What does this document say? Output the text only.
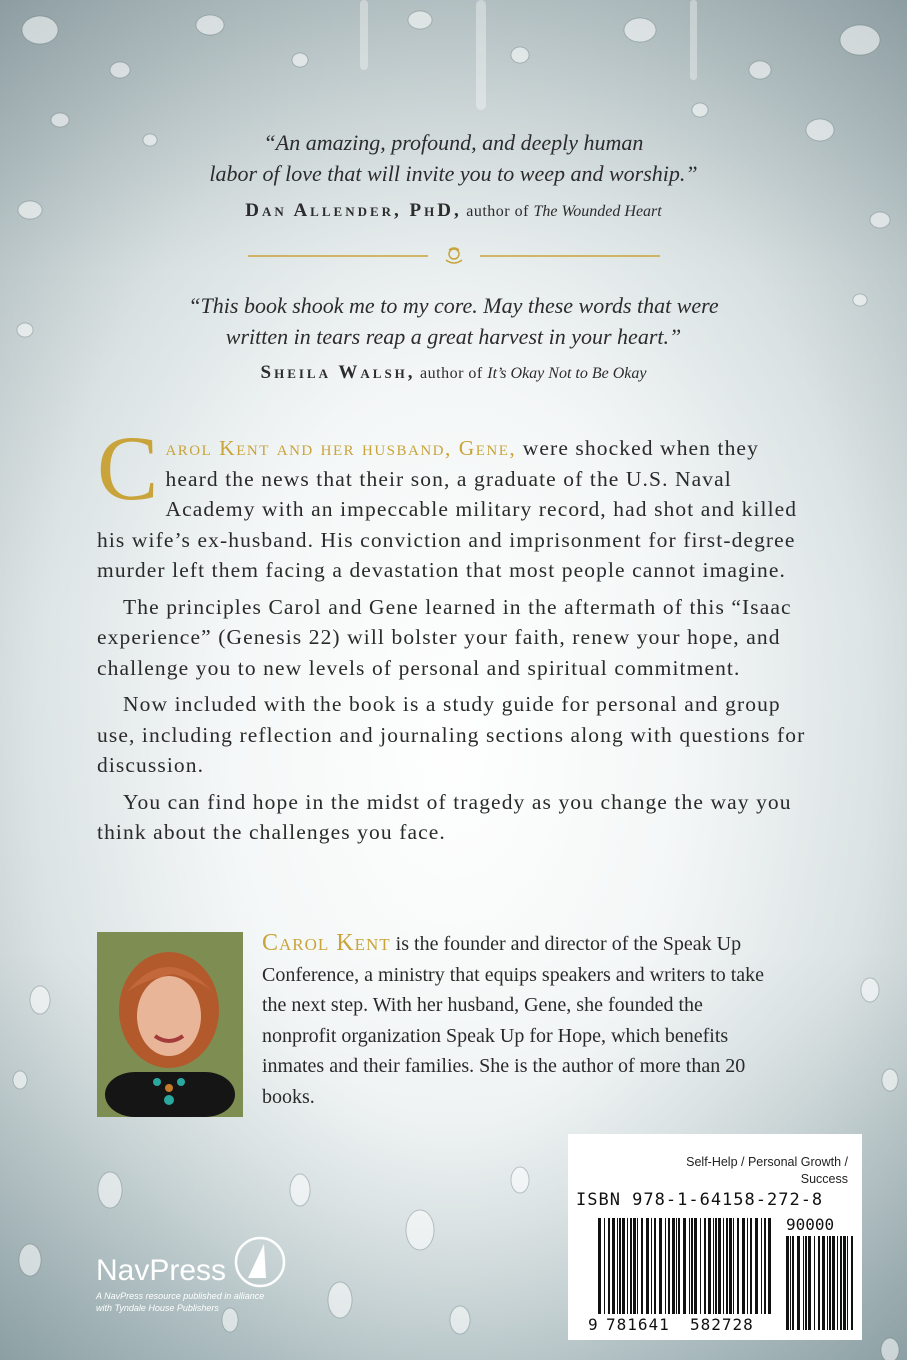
“An amazing, profound, and deeply human
labor of love that will invite you to weep and worship.”
Dan Allender, PhD, author of The Wounded Heart
“This book shook me to my core. May these words that were
written in tears reap a great harvest in your heart.”
Sheila Walsh, author of It’s Okay Not to Be Okay

Carol Kent and her husband, Gene, were shocked when they heard the news that their son, a graduate of the U.S. Naval Academy with an impeccable military record, had shot and killed his wife’s ex-husband. His conviction and imprisonment for first-degree murder left them facing a devastation that most people cannot imagine.

The principles Carol and Gene learned in the aftermath of this “Isaac experience” (Genesis 22) will bolster your faith, renew your hope, and challenge you to new levels of personal and spiritual commitment.

Now included with the book is a study guide for personal and group use, including reflection and journaling sections along with questions for discussion.

You can find hope in the midst of tragedy as you change the way you think about the challenges you face.

Carol Kent is the founder and director of the Speak Up Conference, a ministry that equips speakers and writers to take the next step. With her husband, Gene, she founded the nonprofit organization Speak Up for Hope, which benefits inmates and their families. She is the author of more than 20 books.
NavPress
A NavPress resource published in alliance
with Tyndale House Publishers
Self-Help / Personal Growth /
Success
ISBN 978-1-64158-272-8
90000
9 781641 582728
